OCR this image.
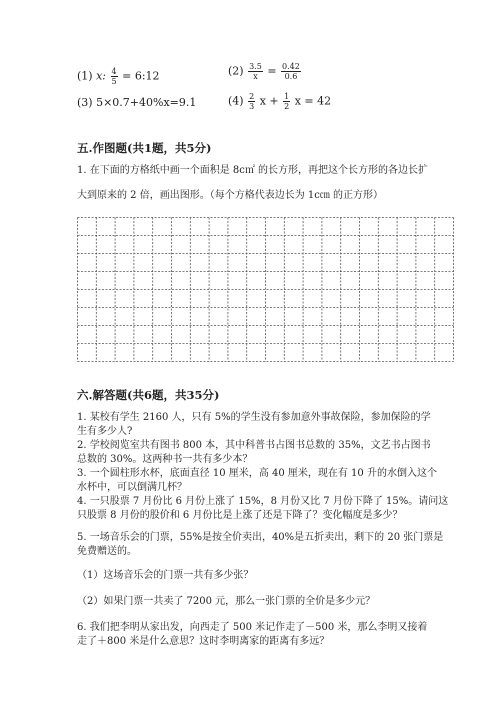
(1) x: $\frac{4}{5}$ = 6:12	$(2) \frac{3.5}{x} = \frac{0.42}{0.6}$
(3) 5×0.7+40%x=9.1	$(4) \frac{2}{3}$ $x + \frac{1}{2}$ x = 42
五.作图题(共1题，共5分)
1. 在下面的方格纸中画一个面积是 8c㎡ 的长方形，再把这个长方形的各边长扩
大到原来的 2 倍，画出图形。（每个方格代表边长为 1c㎝ 的正方形）
六.解答题(共6题，共35分)
1. 某校有学生 2160 人，只有 5%的学生没有参加意外事故保险，参加保险的学
生有多少人?
2. 学校阅览室共有图书 800 本，其中科普书占图书总数的 35%，文艺书占图书
总数的 30%。这两种书一共有多少本？
3. 一个圆柱形水杯，底面直径 10 厘米，高 40 厘米，现在有 10 升的水倒入这个
水杯中，可以倒满几杯？
4. 一只股票 7 月份比 6 月份上涨了 15%，8 月份又比 7 月份下降了 15%。请问这
只股票 8 月份的股价和 6 月份比是上涨了还是下降了？变化幅度是多少？
5. 一场音乐会的门票，55%是按全价卖出，40%是五折卖出，剩下的 20 张门票是
免费赠送的。
（1）这场音乐会的门票一共有多少张？
（2）如果门票一共卖了 7200 元，那么一张门票的全价是多少元？
6. 我们把李明从家出发，向西走了 500 米记作走了－500 米，那么李明又接着
走了＋800 米是什么意思？这时李明离家的距离有多远？
